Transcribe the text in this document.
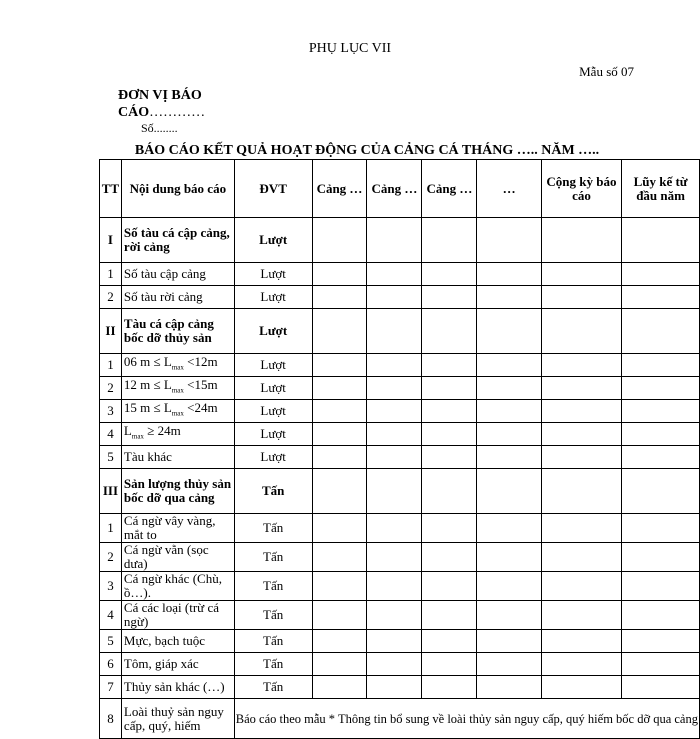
PHỤ LỤC VII
Mẫu số 07
ĐƠN VỊ BÁO CÁO…………
Số........
BÁO CÁO KẾT QUẢ HOẠT ĐỘNG CỦA CẢNG CÁ THÁNG ….. NĂM …..
TT	Nội dung báo cáo	ĐVT	Cảng …	Cảng …	Cảng …	…	Cộng kỳ báo cáo	Lũy kế từ đầu năm
I	Số tàu cá cập cảng, rời cảng	Lượt						
1	Số tàu cập cảng	Lượt						
2	Số tàu rời cảng	Lượt						
II	Tàu cá cập cảng bốc dỡ thủy sản	Lượt						
1	06 $m \le L_{max} <12m$	Lượt						
2	12 $m \le L_{max} <15m$	Lượt						
3	15 $m \le L_{max} <24m$	Lượt						
4	$L_{max} \ge 24m$	Lượt						
5	Tàu khác	Lượt						
III	Sản lượng thủy sản bốc dỡ qua cảng	Tấn						
1	Cá ngừ vây vàng, mắt to	Tấn						
2	Cá ngừ vằn (sọc dưa)	Tấn						
3	Cá ngừ khác (Chù, ồ…).	Tấn						
4	Cá các loại (trừ cá ngừ)	Tấn						
5	Mực, bạch tuộc	Tấn						
6	Tôm, giáp xác	Tấn						
7	Thủy sản khác (…)	Tấn						
8	Loài thuỷ sản nguy cấp, quý, hiếm	Báo cáo theo mẫu * Thông tin bổ sung về loài thủy sản nguy cấp, quý hiếm bốc dỡ qua cảng						
